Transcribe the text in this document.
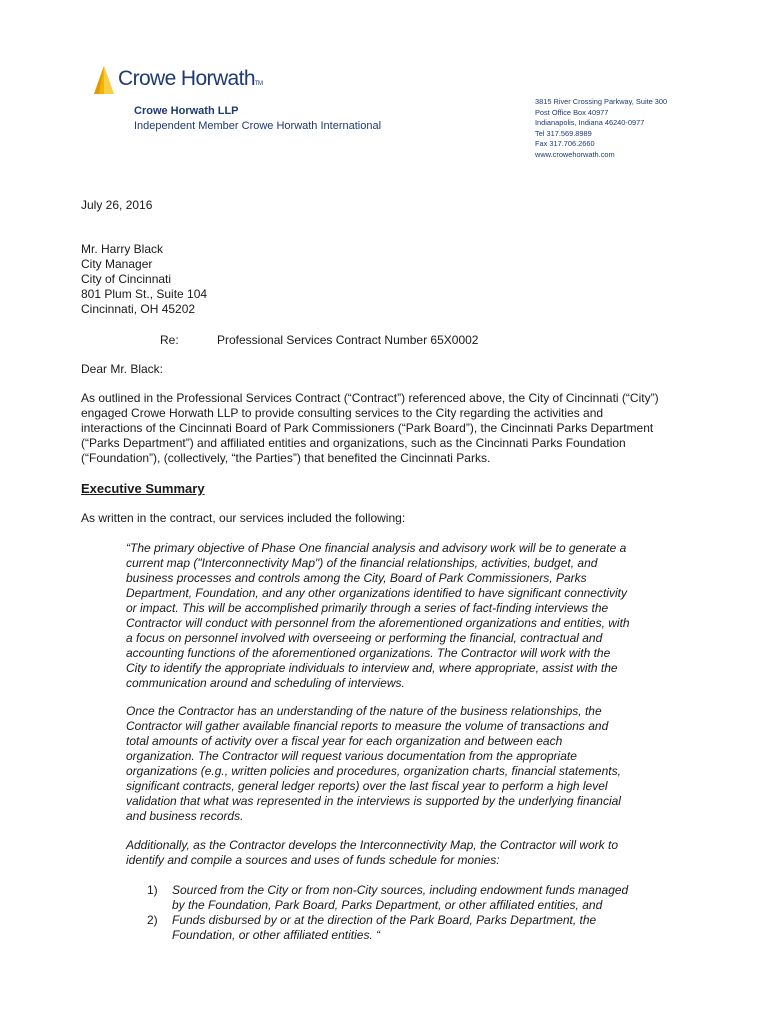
Crowe HorwathTM
Crowe Horwath LLP
Independent Member Crowe Horwath International
3815 River Crossing Parkway, Suite 300
Post Office Box 40977
Indianapolis, Indiana 46240-0977
Tel 317.569.8989
Fax 317.706.2660
www.crowehorwath.com
July 26, 2016
Mr. Harry Black
City Manager
City of Cincinnati
801 Plum St., Suite 104
Cincinnati, OH 45202
Re:	Professional Services Contract Number 65X0002
Dear Mr. Black:
As outlined in the Professional Services Contract (“Contract”) referenced above, the City of Cincinnati (“City”)
engaged Crowe Horwath LLP to provide consulting services to the City regarding the activities and
interactions of the Cincinnati Board of Park Commissioners (“Park Board”), the Cincinnati Parks Department
(“Parks Department”) and affiliated entities and organizations, such as the Cincinnati Parks Foundation
(“Foundation”), (collectively, “the Parties”) that benefited the Cincinnati Parks.
Executive Summary
As written in the contract, our services included the following:
“The primary objective of Phase One financial analysis and advisory work will be to generate a
current map ("Interconnectivity Map") of the financial relationships, activities, budget, and
business processes and controls among the City, Board of Park Commissioners, Parks
Department, Foundation, and any other organizations identified to have significant connectivity
or impact. This will be accomplished primarily through a series of fact-finding interviews the
Contractor will conduct with personnel from the aforementioned organizations and entities, with
a focus on personnel involved with overseeing or performing the financial, contractual and
accounting functions of the aforementioned organizations. The Contractor will work with the
City to identify the appropriate individuals to interview and, where appropriate, assist with the
communication around and scheduling of interviews.
Once the Contractor has an understanding of the nature of the business relationships, the
Contractor will gather available financial reports to measure the volume of transactions and
total amounts of activity over a fiscal year for each organization and between each
organization. The Contractor will request various documentation from the appropriate
organizations (e.g., written policies and procedures, organization charts, financial statements,
significant contracts, general ledger reports) over the last fiscal year to perform a high level
validation that what was represented in the interviews is supported by the underlying financial
and business records.
Additionally, as the Contractor develops the Interconnectivity Map, the Contractor will work to
identify and compile a sources and uses of funds schedule for monies:
1) Sourced from the City or from non-City sources, including endowment funds managed
by the Foundation, Park Board, Parks Department, or other affiliated entities, and
2) Funds disbursed by or at the direction of the Park Board, Parks Department, the
Foundation, or other affiliated entities. “
